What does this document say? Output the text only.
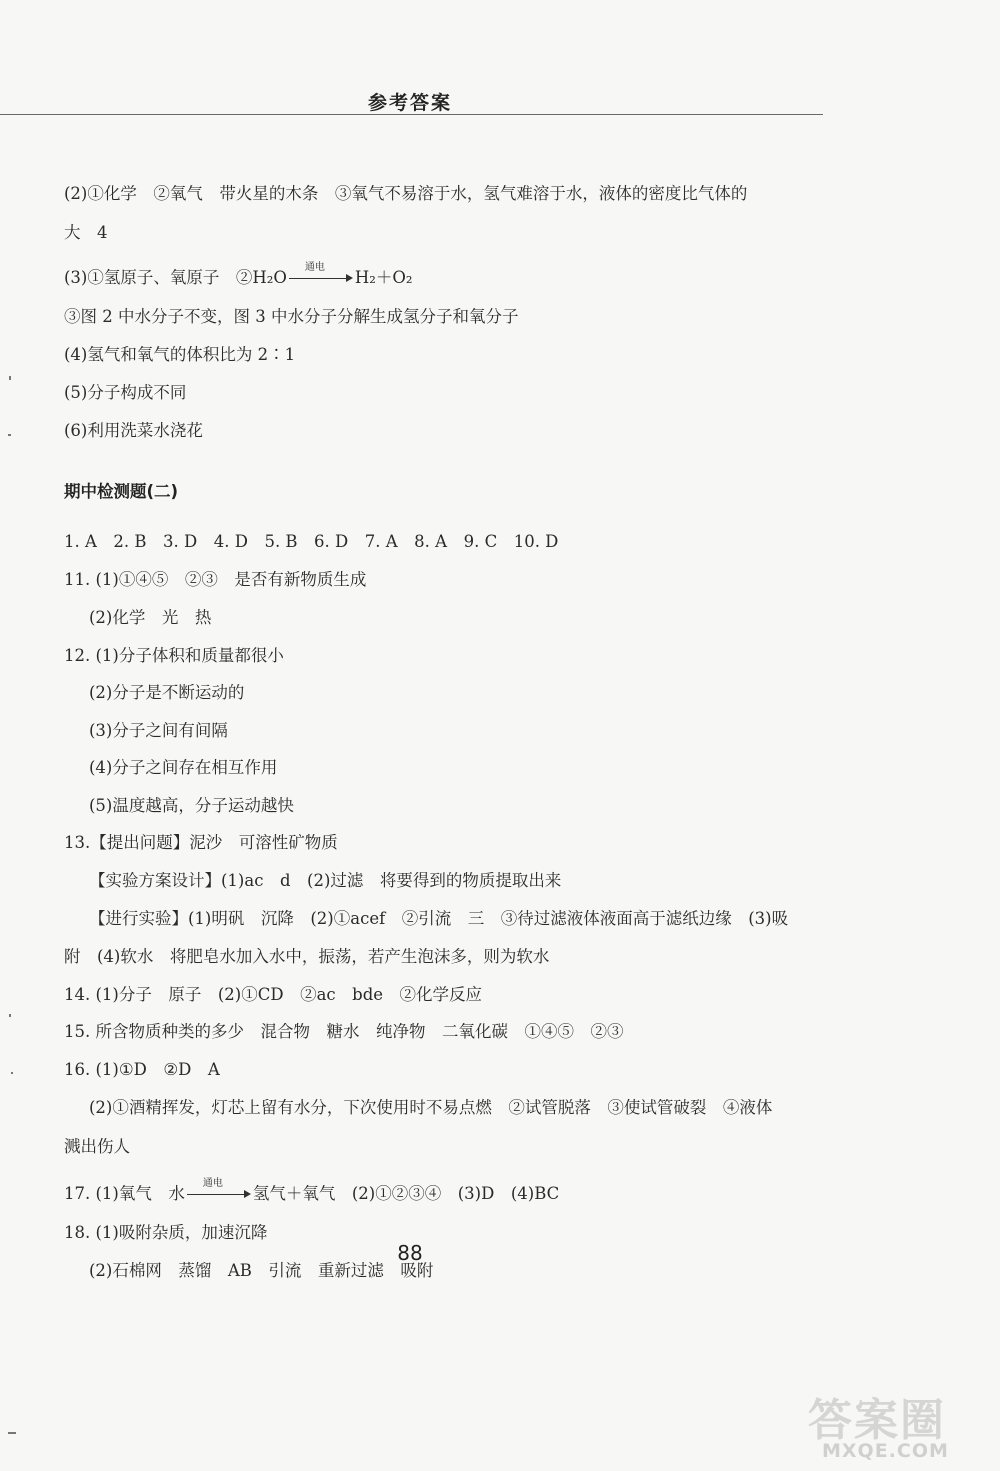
参考答案
(2)①化学　②氧气　带火星的木条　③氧气不易溶于水，氢气难溶于水，液体的密度比气体的
大　4
(3)①氢原子、氧原子　②H₂O
通电
H₂＋O₂
③图 2 中水分子不变，图 3 中水分子分解生成氢分子和氧分子
(4)氢气和氧气的体积比为 2∶1
(5)分子构成不同
(6)利用洗菜水浇花
期中检测题(二)
1. A　2. B　3. D　4. D　5. B　6. D　7. A　8. A　9. C　10. D
11. (1)①④⑤　②③　是否有新物质生成
(2)化学　光　热
12. (1)分子体积和质量都很小
(2)分子是不断运动的
(3)分子之间有间隔
(4)分子之间存在相互作用
(5)温度越高，分子运动越快
13.【提出问题】泥沙　可溶性矿物质
【实验方案设计】(1)ac　d　(2)过滤　将要得到的物质提取出来
【进行实验】(1)明矾　沉降　(2)①acef　②引流　三　③待过滤液体液面高于滤纸边缘　(3)吸
附　(4)软水　将肥皂水加入水中，振荡，若产生泡沫多，则为软水
14. (1)分子　原子　(2)①CD　②ac　bde　②化学反应
15. 所含物质种类的多少　混合物　糖水　纯净物　二氧化碳　①④⑤　②③
16. (1)①D　②D　A
(2)①酒精挥发，灯芯上留有水分，下次使用时不易点燃　②试管脱落　③使试管破裂　④液体
溅出伤人
17. (1)氧气　水
通电
氢气＋氧气　(2)①②③④　(3)D　(4)BC
18. (1)吸附杂质，加速沉降
(2)石棉网　蒸馏　AB　引流　重新过滤　吸附
88
答案圈
MXQE.COM
